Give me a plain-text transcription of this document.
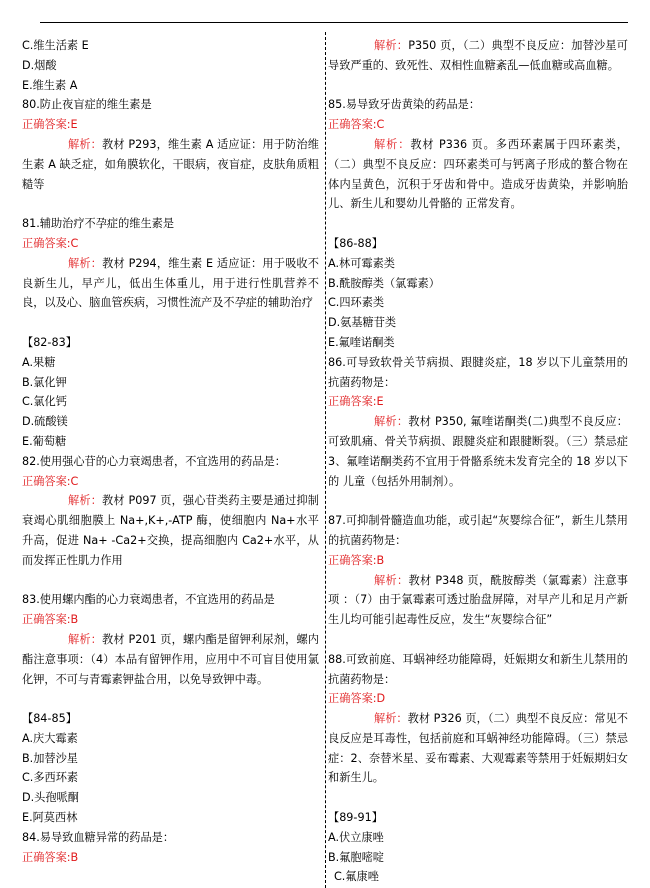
C.维生活素 E
D.烟酸
E.维生素 A
80.防止夜盲症的维生素是
正确答案:E
解析：教材 P293，维生素 A 适应证：用于防治维生素 A 缺乏症，如角膜软化，干眼病，夜盲症，皮肤角质粗糙等
81.辅助治疗不孕症的维生素是
正确答案:C
解析：教材 P294，维生素 E 适应证：用于吸收不良新生儿，早产儿，低出生体重儿，用于进行性肌营养不良，以及心、脑血管疾病，习惯性流产及不孕症的辅助治疗
【82-83】
A.果糖
B.氯化钾
C.氯化钙
D.硫酸镁
E.葡萄糖
82.使用强心苷的心力衰竭患者，不宜选用的药品是：
正确答案:C
解析：教材 P097 页，强心苷类药主要是通过抑制衰竭心肌细胞膜上 Na+,K+,-ATP 酶，使细胞内 Na+水平升高，促进 Na+ -Ca2+交换，提高细胞内 Ca2+水平，从而发挥正性肌力作用
83.使用螺内酯的心力衰竭患者，不宜选用的药品是
正确答案:B
解析：教材 P201 页，螺内酯是留钾利尿剂，螺内酯注意事项：（4）本品有留钾作用，应用中不可盲目使用氯化钾，不可与青霉素钾盐合用，以免导致钾中毒。
【84-85】
A.庆大霉素
B.加替沙星
C.多西环素
D.头孢哌酮
E.阿莫西林
84.易导致血糖异常的药品是：
正确答案:B
解析：P350 页，（二）典型不良反应：加替沙星可导致严重的、致死性、双相性血糖紊乱—低血糖或高血糖。
85.易导致牙齿黄染的药品是：
正确答案:C
解析：教材 P336 页。多西环素属于四环素类，（二）典型不良反应：四环素类可与钙离子形成的螯合物在体内呈黄色，沉积于牙齿和骨中。造成牙齿黄染，并影响胎儿、新生儿和婴幼儿骨骼的 正常发育。
【86-88】
A.林可霉素类
B.酰胺醇类（氯霉素）
C.四环素类
D.氨基糖苷类
E.氟喹诺酮类
86.可导致软骨关节病损、跟腱炎症，18 岁以下儿童禁用的抗菌药物是：
正确答案:E
解析：教材 P350, 氟喹诺酮类(二)典型不良反应：可致肌痛、骨关节病损、跟腱炎症和跟腱断裂。（三）禁忌症 3、氟喹诺酮类药不宜用于骨骼系统未发育完全的 18 岁以下的 儿童（包括外用制剂）。
87.可抑制骨髓造血功能，或引起“灰婴综合征”，新生儿禁用的抗菌药物是：
正确答案:B
解析：教材 P348 页，酰胺醇类（氯霉素）注意事项 ：（7）由于氯霉素可透过胎盘屏障，对早产儿和足月产新生儿均可能引起毒性反应，发生“灰婴综合征”
88.可致前庭、耳蜗神经功能障碍，妊娠期女和新生儿禁用的抗菌药物是：
正确答案:D
解析：教材 P326 页，（二）典型不良反应：常见不良反应是耳毒性，包括前庭和耳蜗神经功能障碍。（三）禁忌症：2、奈替米星、妥布霉素、大观霉素等禁用于妊娠期妇女和新生儿。
【89-91】
A.伏立康唑
B.氟胞嘧啶
C.氟康唑
